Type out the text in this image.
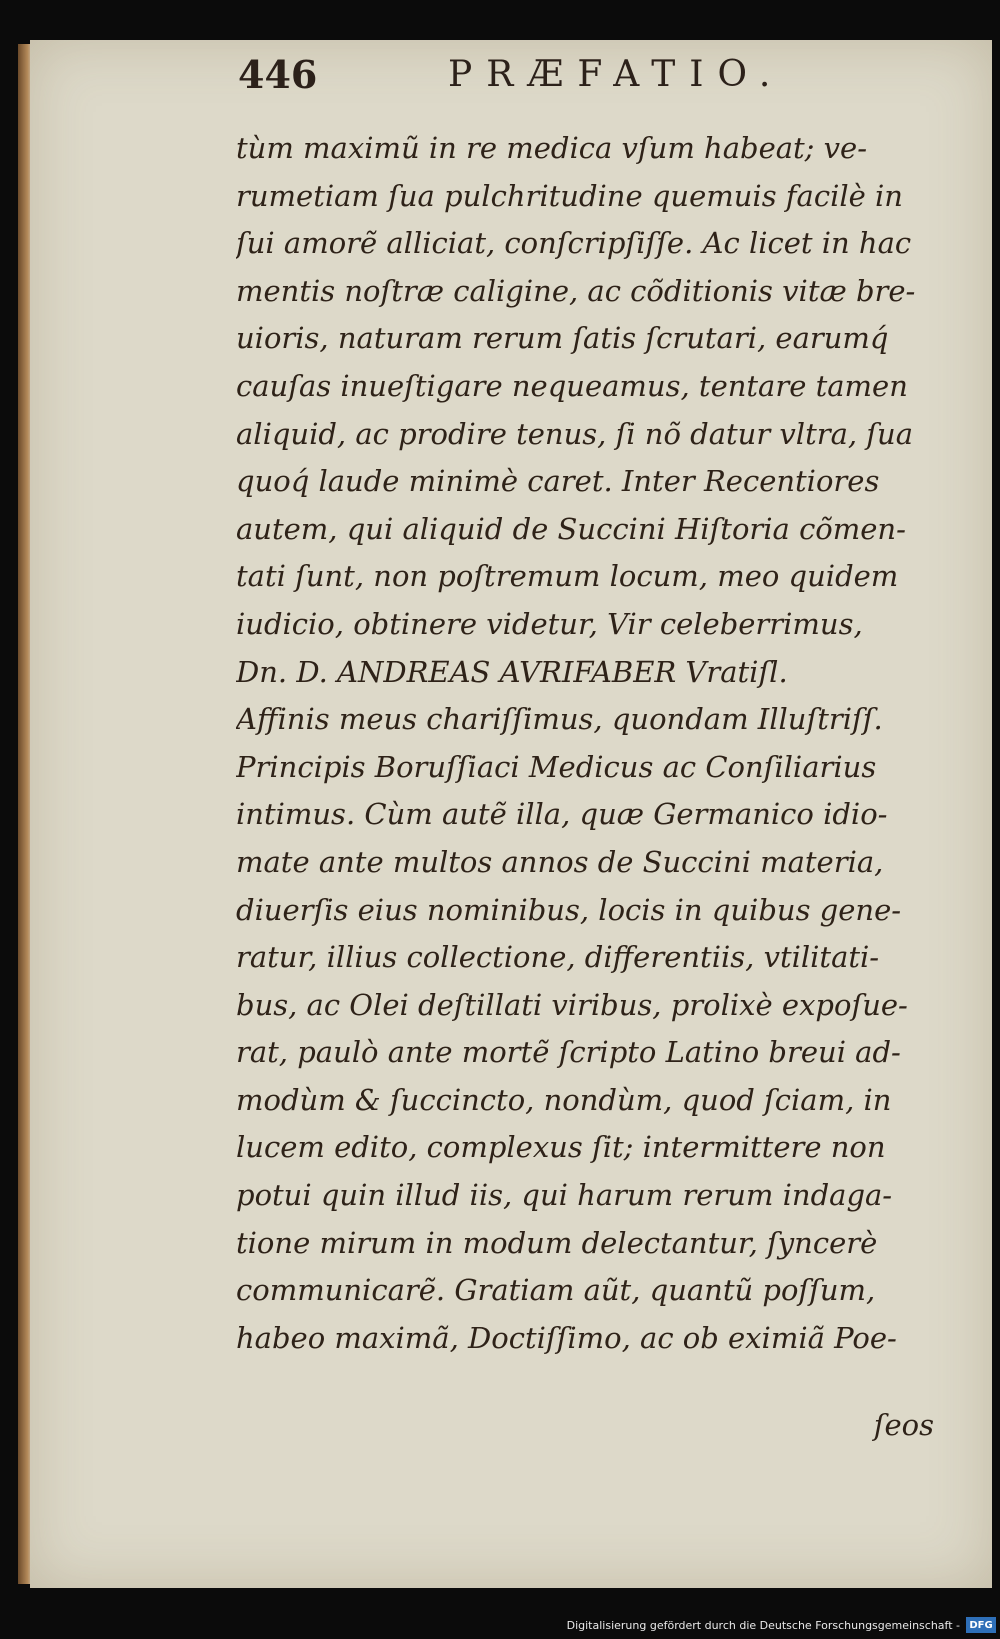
446	PRÆFATIO.
tùm maximũ in re medica vſum habeat; ve-
rumetiam ſua pulchritudine quemuis facilè in
ſui amorẽ alliciat, conſcripſiſſe. Ac licet in hac
mentis noſtræ caligine, ac cõditionis vitæ bre-
uioris, naturam rerum ſatis ſcrutari, earumq́
cauſas inueſtigare nequeamus, tentare tamen
aliquid, ac prodire tenus, ſi nõ datur vltra, ſua
quoq́ laude minimè caret. Inter Recentiores
autem, qui aliquid de Succini Hiſtoria cõmen-
tati ſunt, non poſtremum locum, meo quidem
iudicio, obtinere videtur, Vir celeberrimus,
Dn. D. ANDREAS AVRIFABER Vratiſl.
Affinis meus chariſſimus, quondam Illuſtriſſ.
Principis Boruſſiaci Medicus ac Conſiliarius
intimus. Cùm autẽ illa, quæ Germanico idio-
mate ante multos annos de Succini materia,
diuerſis eius nominibus, locis in quibus gene-
ratur, illius collectione, differentiis, vtilitati-
bus, ac Olei deſtillati viribus, prolixè expoſue-
rat, paulò ante mortẽ ſcripto Latino breui ad-
modùm & ſuccincto, nondùm, quod ſciam, in
lucem edito, complexus ſit; intermittere non
potui quin illud iis, qui harum rerum indaga-
tione mirum in modum delectantur, ſyncerè
communicarẽ. Gratiam aũt, quantũ poſſum,
habeo maximã, Doctiſſimo, ac ob eximiã Poe-
ſeos
Digitalisierung gefördert durch die Deutsche Forschungsgemeinschaft - DFG
